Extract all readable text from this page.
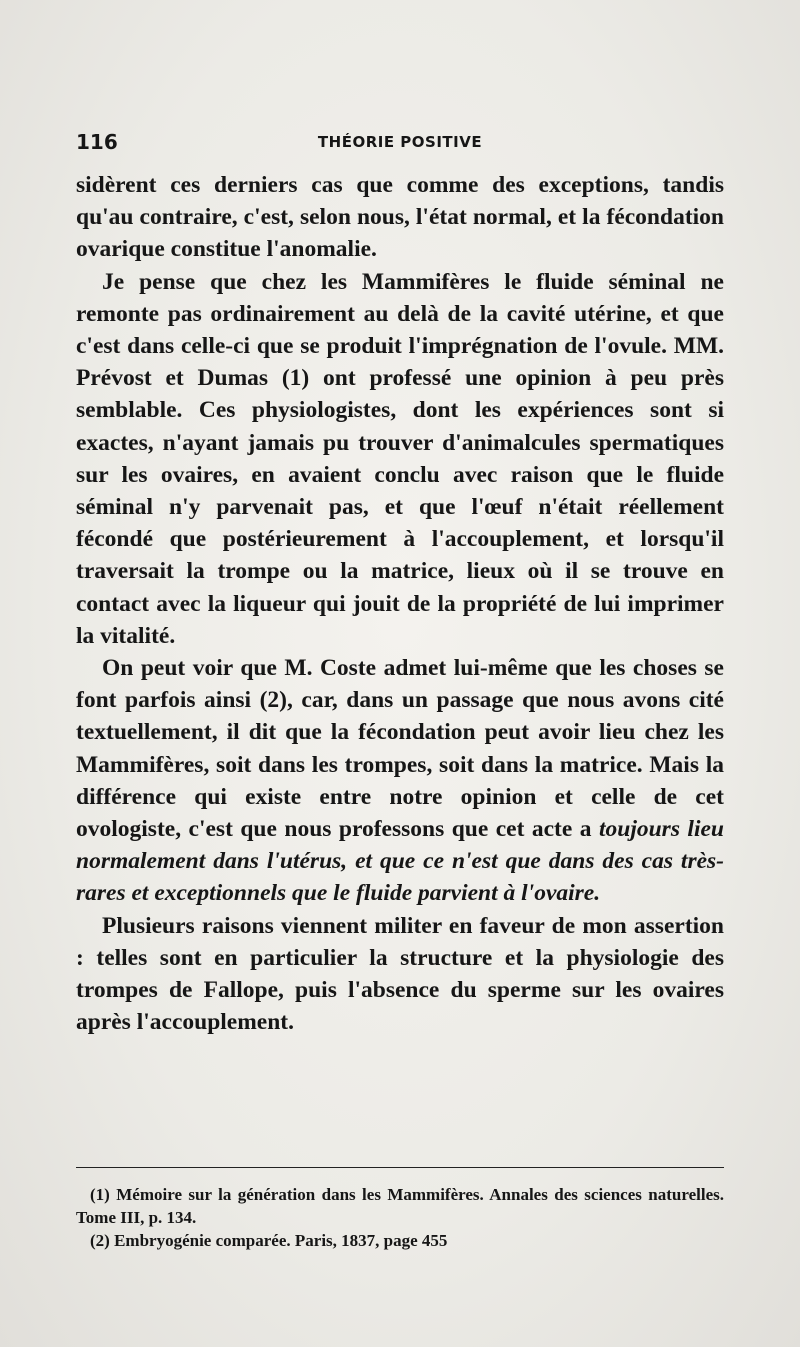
116	THÉORIE POSITIVE

sidèrent ces derniers cas que comme des exceptions, tandis qu'au contraire, c'est, selon nous, l'état normal, et la fécondation ovarique constitue l'anomalie.

Je pense que chez les Mammifères le fluide séminal ne remonte pas ordinairement au delà de la cavité utérine, et que c'est dans celle-ci que se produit l'imprégnation de l'ovule. MM. Prévost et Dumas (1) ont professé une opinion à peu près semblable. Ces physiologistes, dont les expériences sont si exactes, n'ayant jamais pu trouver d'animalcules spermatiques sur les ovaires, en avaient conclu avec raison que le fluide séminal n'y parvenait pas, et que l'œuf n'était réellement fécondé que postérieurement à l'accouplement, et lorsqu'il traversait la trompe ou la matrice, lieux où il se trouve en contact avec la liqueur qui jouit de la propriété de lui imprimer la vitalité.

On peut voir que M. Coste admet lui-même que les choses se font parfois ainsi (2), car, dans un passage que nous avons cité textuellement, il dit que la fécondation peut avoir lieu chez les Mammifères, soit dans les trompes, soit dans la matrice. Mais la différence qui existe entre notre opinion et celle de cet ovologiste, c'est que nous professons que cet acte a toujours lieu normalement dans l'utérus, et que ce n'est que dans des cas très-rares et exceptionnels que le fluide parvient à l'ovaire.

Plusieurs raisons viennent militer en faveur de mon assertion : telles sont en particulier la structure et la physiologie des trompes de Fallope, puis l'absence du sperme sur les ovaires après l'accouplement.

(1) Mémoire sur la génération dans les Mammifères. Annales des sciences naturelles. Tome III, p. 134.

(2) Embryogénie comparée. Paris, 1837, page 455
